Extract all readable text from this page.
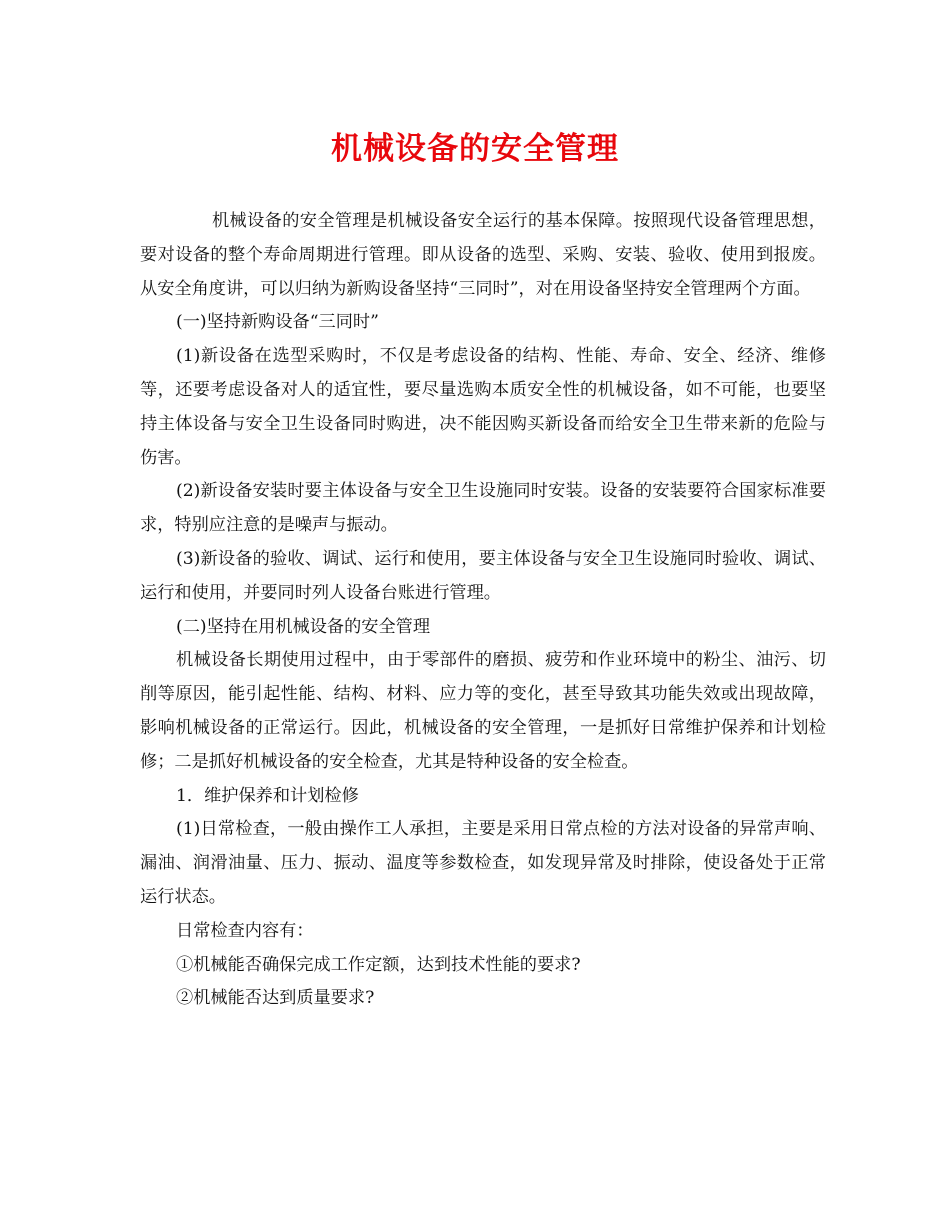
机械设备的安全管理

机械设备的安全管理是机械设备安全运行的基本保障。按照现代设备管理思想，要对设备的整个寿命周期进行管理。即从设备的选型、采购、安装、验收、使用到报废。从安全角度讲，可以归纳为新购设备坚持“三同时”，对在用设备坚持安全管理两个方面。

(一)坚持新购设备“三同时”

(1)新设备在选型采购时，不仅是考虑设备的结构、性能、寿命、安全、经济、维修等，还要考虑设备对人的适宜性，要尽量选购本质安全性的机械设备，如不可能，也要坚持主体设备与安全卫生设备同时购进，决不能因购买新设备而给安全卫生带来新的危险与伤害。

(2)新设备安装时要主体设备与安全卫生设施同时安装。设备的安装要符合国家标准要求，特别应注意的是噪声与振动。

(3)新设备的验收、调试、运行和使用，要主体设备与安全卫生设施同时验收、调试、运行和使用，并要同时列人设备台账进行管理。

(二)坚持在用机械设备的安全管理

机械设备长期使用过程中，由于零部件的磨损、疲劳和作业环境中的粉尘、油污、切削等原因，能引起性能、结构、材料、应力等的变化，甚至导致其功能失效或出现故障，影响机械设备的正常运行。因此，机械设备的安全管理，一是抓好日常维护保养和计划检修；二是抓好机械设备的安全检查，尤其是特种设备的安全检查。

1．维护保养和计划检修

(1)日常检查，一般由操作工人承担，主要是采用日常点检的方法对设备的异常声响、漏油、润滑油量、压力、振动、温度等参数检查，如发现异常及时排除，使设备处于正常运行状态。

日常检查内容有：

①机械能否确保完成工作定额，达到技术性能的要求?

②机械能否达到质量要求?
